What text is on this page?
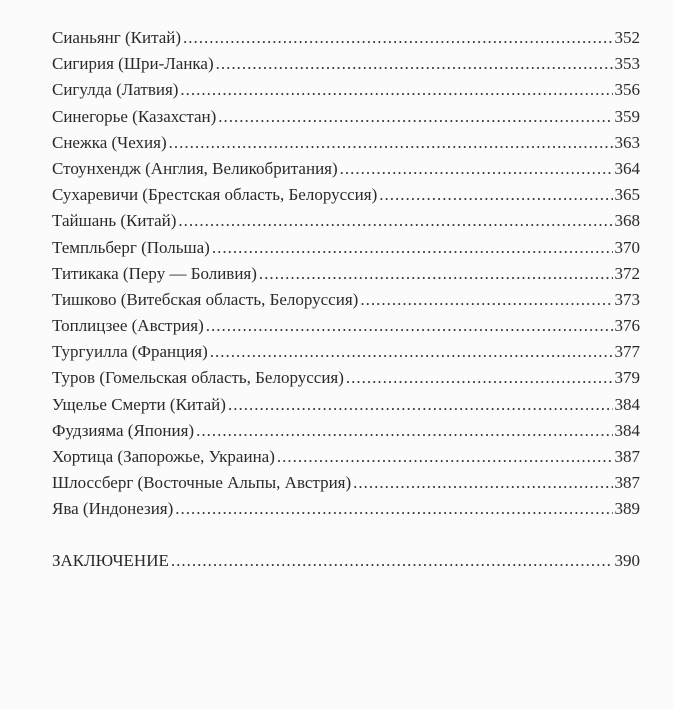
Сианьянг (Китай) .....	352
Сигирия (Шри-Ланка) .....	353
Сигулда (Латвия) .....	356
Синегорье (Казахстан) .....	359
Снежка (Чехия) .....	363
Стоунхендж (Англия, Великобритания) .....	364
Сухаревичи (Брестская область, Белоруссия) .....	365
Тайшань (Китай) .....	368
Темпльберг (Польша) .....	370
Титикака (Перу — Боливия) .....	372
Тишково (Витебская область, Белоруссия) .....	373
Топлицзее (Австрия) .....	376
Тургуилла (Франция) .....	377
Туров (Гомельская область, Белоруссия) .....	379
Ущелье Смерти (Китай) .....	384
Фудзияма (Япония) .....	384
Хортица (Запорожье, Украина) .....	387
Шлоссберг (Восточные Альпы, Австрия) .....	387
Ява (Индонезия) .....	389
ЗАКЛЮЧЕНИЕ .....	390
